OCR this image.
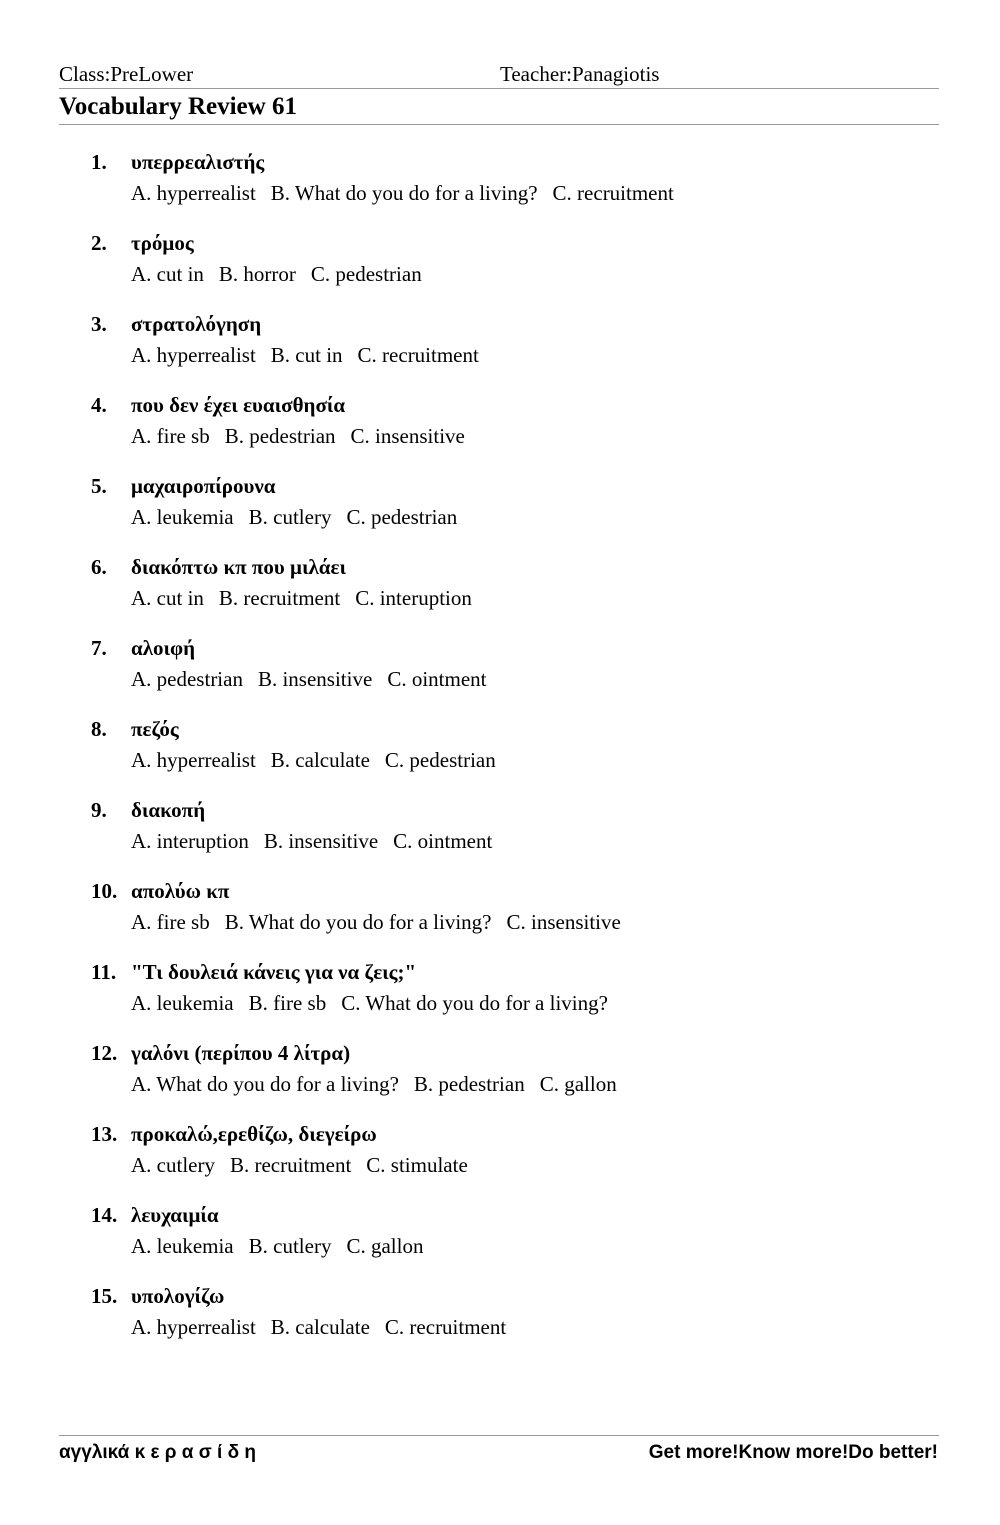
Class:PreLower	Teacher:Panagiotis
Vocabulary Review 61
1. υπερρεαλιστής
A. hyperrealist B. What do you do for a living? C. recruitment
2. τρόμος
A. cut in B. horror C. pedestrian
3. στρατολόγηση
A. hyperrealist B. cut in C. recruitment
4. που δεν έχει ευαισθησία
A. fire sb B. pedestrian C. insensitive
5. μαχαιροπίρουνα
A. leukemia B. cutlery C. pedestrian
6. διακόπτω κπ που μιλάει
A. cut in B. recruitment C. interuption
7. αλοιφή
A. pedestrian B. insensitive C. ointment
8. πεζός
A. hyperrealist B. calculate C. pedestrian
9. διακοπή
A. interuption B. insensitive C. ointment
10. απολύω κπ
A. fire sb B. What do you do for a living? C. insensitive
11. "Τι δουλειά κάνεις για να ζεις;"
A. leukemia B. fire sb C. What do you do for a living?
12. γαλόνι (περίπου 4 λίτρα)
A. What do you do for a living? B. pedestrian C. gallon
13. προκαλώ,ερεθίζω, διεγείρω
A. cutlery B. recruitment C. stimulate
14. λευχαιμία
A. leukemia B. cutlery C. gallon
15. υπολογίζω
A. hyperrealist B. calculate C. recruitment
αγγλικά κ ε ρ α σ ί δ η	Get more!Know more!Do better!
